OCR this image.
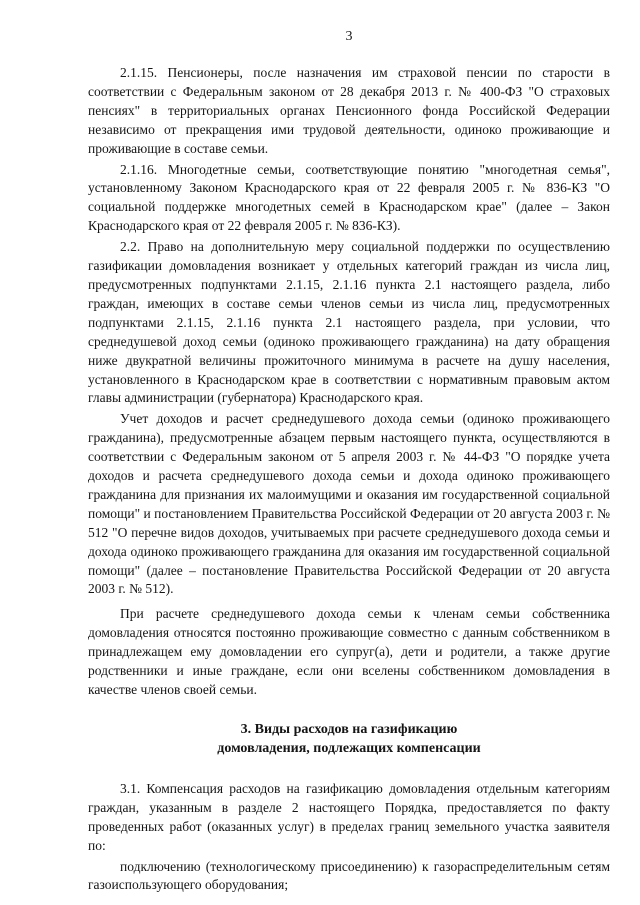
3

2.1.15. Пенсионеры, после назначения им страховой пенсии по старости в соответствии с Федеральным законом от 28 декабря 2013 г. № 400-ФЗ "О страховых пенсиях" в территориальных органах Пенсионного фонда Российской Федерации независимо от прекращения ими трудовой деятельности, одиноко проживающие и проживающие в составе семьи.

2.1.16. Многодетные семьи, соответствующие понятию "многодетная семья", установленному Законом Краснодарского края от 22 февраля 2005 г. № 836-КЗ "О социальной поддержке многодетных семей в Краснодарском крае" (далее – Закон Краснодарского края от 22 февраля 2005 г. № 836-КЗ).

2.2. Право на дополнительную меру социальной поддержки по осуществлению газификации домовладения возникает у отдельных категорий граждан из числа лиц, предусмотренных подпунктами 2.1.15, 2.1.16 пункта 2.1 настоящего раздела, либо граждан, имеющих в составе семьи членов семьи из числа лиц, предусмотренных подпунктами 2.1.15, 2.1.16 пункта 2.1 настоящего раздела, при условии, что среднедушевой доход семьи (одиноко проживающего гражданина) на дату обращения ниже двукратной величины прожиточного минимума в расчете на душу населения, установленного в Краснодарском крае в соответствии с нормативным правовым актом главы администрации (губернатора) Краснодарского края.

Учет доходов и расчет среднедушевого дохода семьи (одиноко проживающего гражданина), предусмотренные абзацем первым настоящего пункта, осуществляются в соответствии с Федеральным законом от 5 апреля 2003 г. № 44-ФЗ "О порядке учета доходов и расчета среднедушевого дохода семьи и дохода одиноко проживающего гражданина для признания их малоимущими и оказания им государственной социальной помощи" и постановлением Правительства Российской Федерации от 20 августа 2003 г. № 512 "О перечне видов доходов, учитываемых при расчете среднедушевого дохода семьи и дохода одиноко проживающего гражданина для оказания им государственной социальной помощи" (далее – постановление Правительства Российской Федерации от 20 августа 2003 г. № 512).

При расчете среднедушевого дохода семьи к членам семьи собственника домовладения относятся постоянно проживающие совместно с данным собственником в принадлежащем ему домовладении его супруг(а), дети и родители, а также другие родственники и иные граждане, если они вселены собственником домовладения в качестве членов своей семьи.

3. Виды расходов на газификацию
домовладения, подлежащих компенсации

3.1. Компенсация расходов на газификацию домовладения отдельным категориям граждан, указанным в разделе 2 настоящего Порядка, предоставляется по факту проведенных работ (оказанных услуг) в пределах границ земельного участка заявителя по:

подключению (технологическому присоединению) к газораспределительным сетям газоиспользующего оборудования;
